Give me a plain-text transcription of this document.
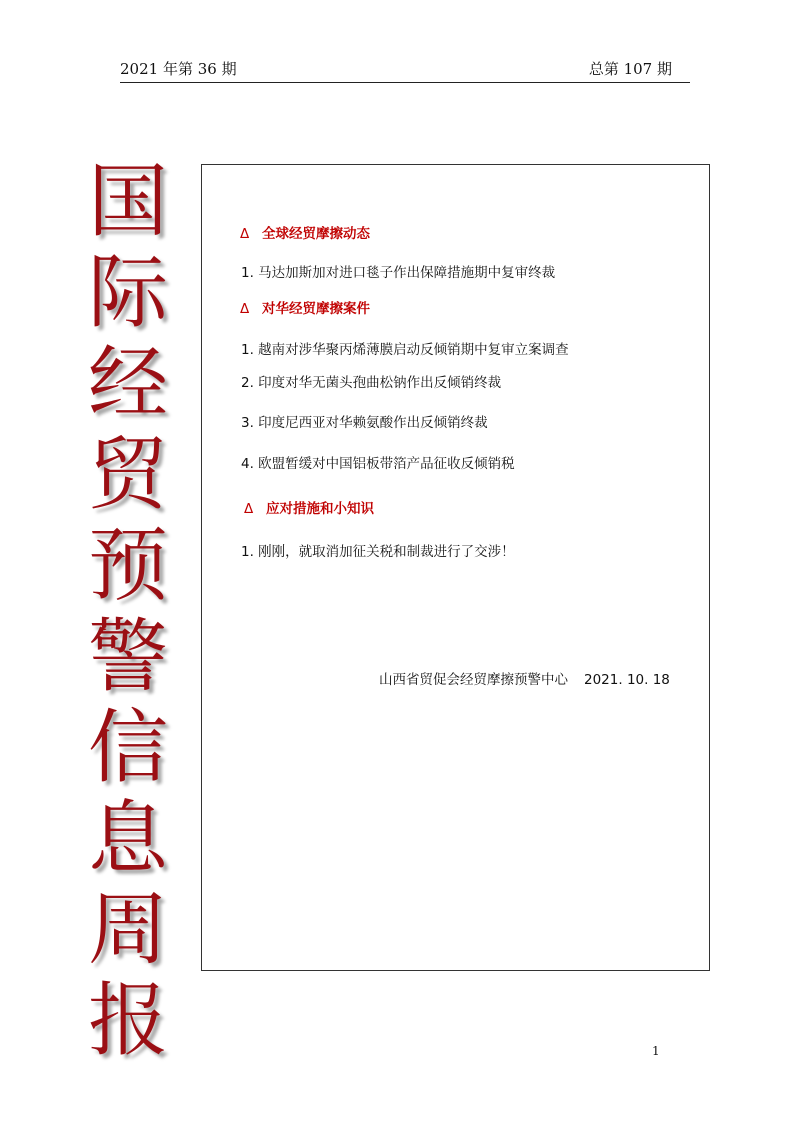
2021 年第 36 期	总第 107 期
国
际
经
贸
预
警
信
息
周
报
Δ 全球经贸摩擦动态
1. 马达加斯加对进口毯子作出保障措施期中复审终裁
Δ 对华经贸摩擦案件
1. 越南对涉华聚丙烯薄膜启动反倾销期中复审立案调查
2. 印度对华无菌头孢曲松钠作出反倾销终裁
3. 印度尼西亚对华赖氨酸作出反倾销终裁
4. 欧盟暂缓对中国铝板带箔产品征收反倾销税
Δ 应对措施和小知识
1. 刚刚，就取消加征关税和制裁进行了交涉！
山西省贸促会经贸摩擦预警中心 2021. 10. 18
1
